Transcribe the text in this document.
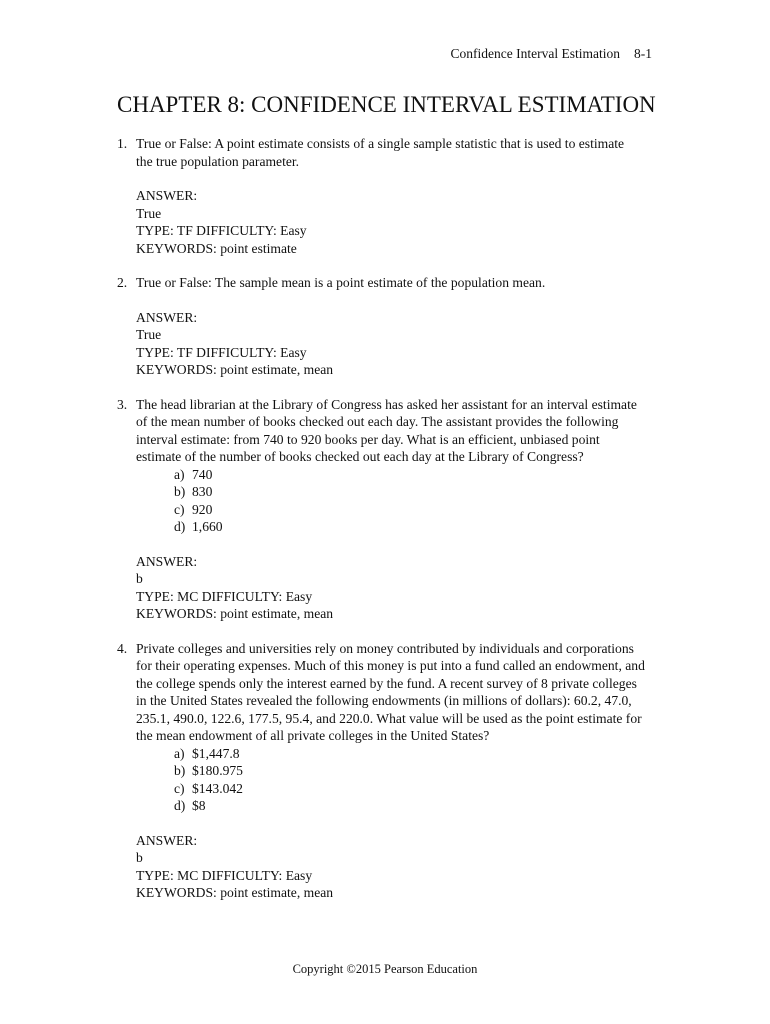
Confidence Interval Estimation 8-1
CHAPTER 8: CONFIDENCE INTERVAL ESTIMATION
1. True or False: A point estimate consists of a single sample statistic that is used to estimate
the true population parameter.
ANSWER:
True
TYPE: TF DIFFICULTY: Easy
KEYWORDS: point estimate
2. True or False: The sample mean is a point estimate of the population mean.
ANSWER:
True
TYPE: TF DIFFICULTY: Easy
KEYWORDS: point estimate, mean
3. The head librarian at the Library of Congress has asked her assistant for an interval estimate
of the mean number of books checked out each day. The assistant provides the following
interval estimate: from 740 to 920 books per day. What is an efficient, unbiased point
estimate of the number of books checked out each day at the Library of Congress?
a) 740
b) 830
c) 920
d) 1,660
ANSWER:
b
TYPE: MC DIFFICULTY: Easy
KEYWORDS: point estimate, mean
4. Private colleges and universities rely on money contributed by individuals and corporations
for their operating expenses. Much of this money is put into a fund called an endowment, and
the college spends only the interest earned by the fund. A recent survey of 8 private colleges
in the United States revealed the following endowments (in millions of dollars): 60.2, 47.0,
235.1, 490.0, 122.6, 177.5, 95.4, and 220.0. What value will be used as the point estimate for
the mean endowment of all private colleges in the United States?
a) $1,447.8
b) $180.975
c) $143.042
d) $8
ANSWER:
b
TYPE: MC DIFFICULTY: Easy
KEYWORDS: point estimate, mean
Copyright ©2015 Pearson Education
